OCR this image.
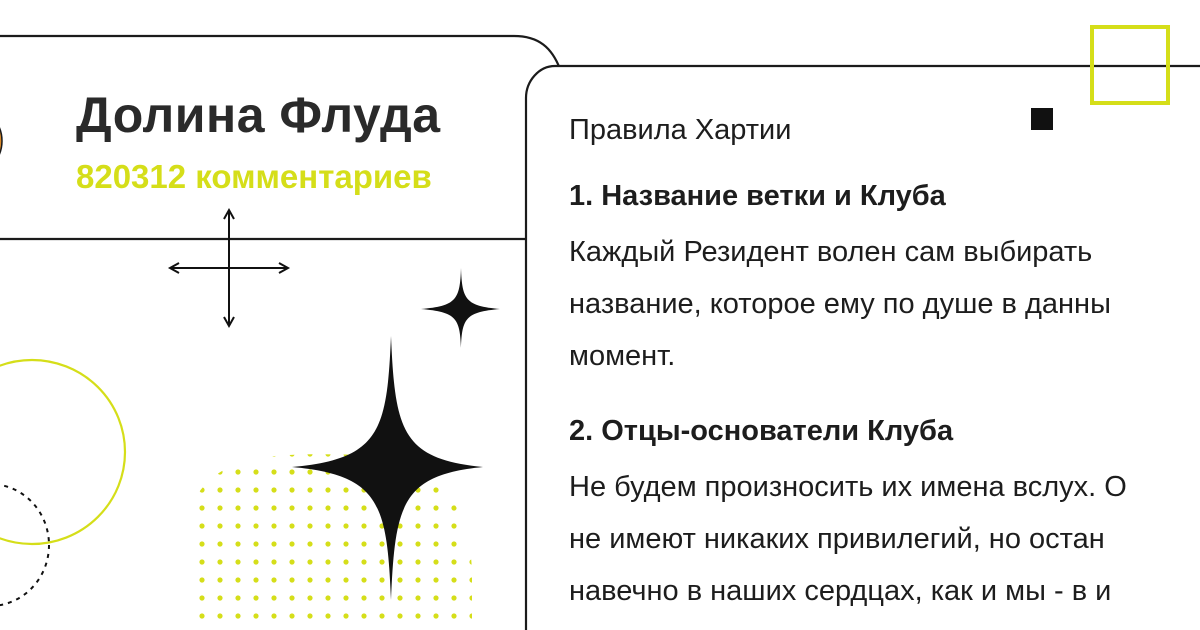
Долина Флуда
820312 комментариев
Правила Хартии
1. Название ветки и Клуба

Каждый Резидент волен сам выбирать
название, которое ему по душе в данны
момент.

2. Отцы-основатели Клуба

Не будем произносить их имена вслух. О
не имеют никаких привилегий, но остан
навечно в наших сердцах, как и мы - в и
